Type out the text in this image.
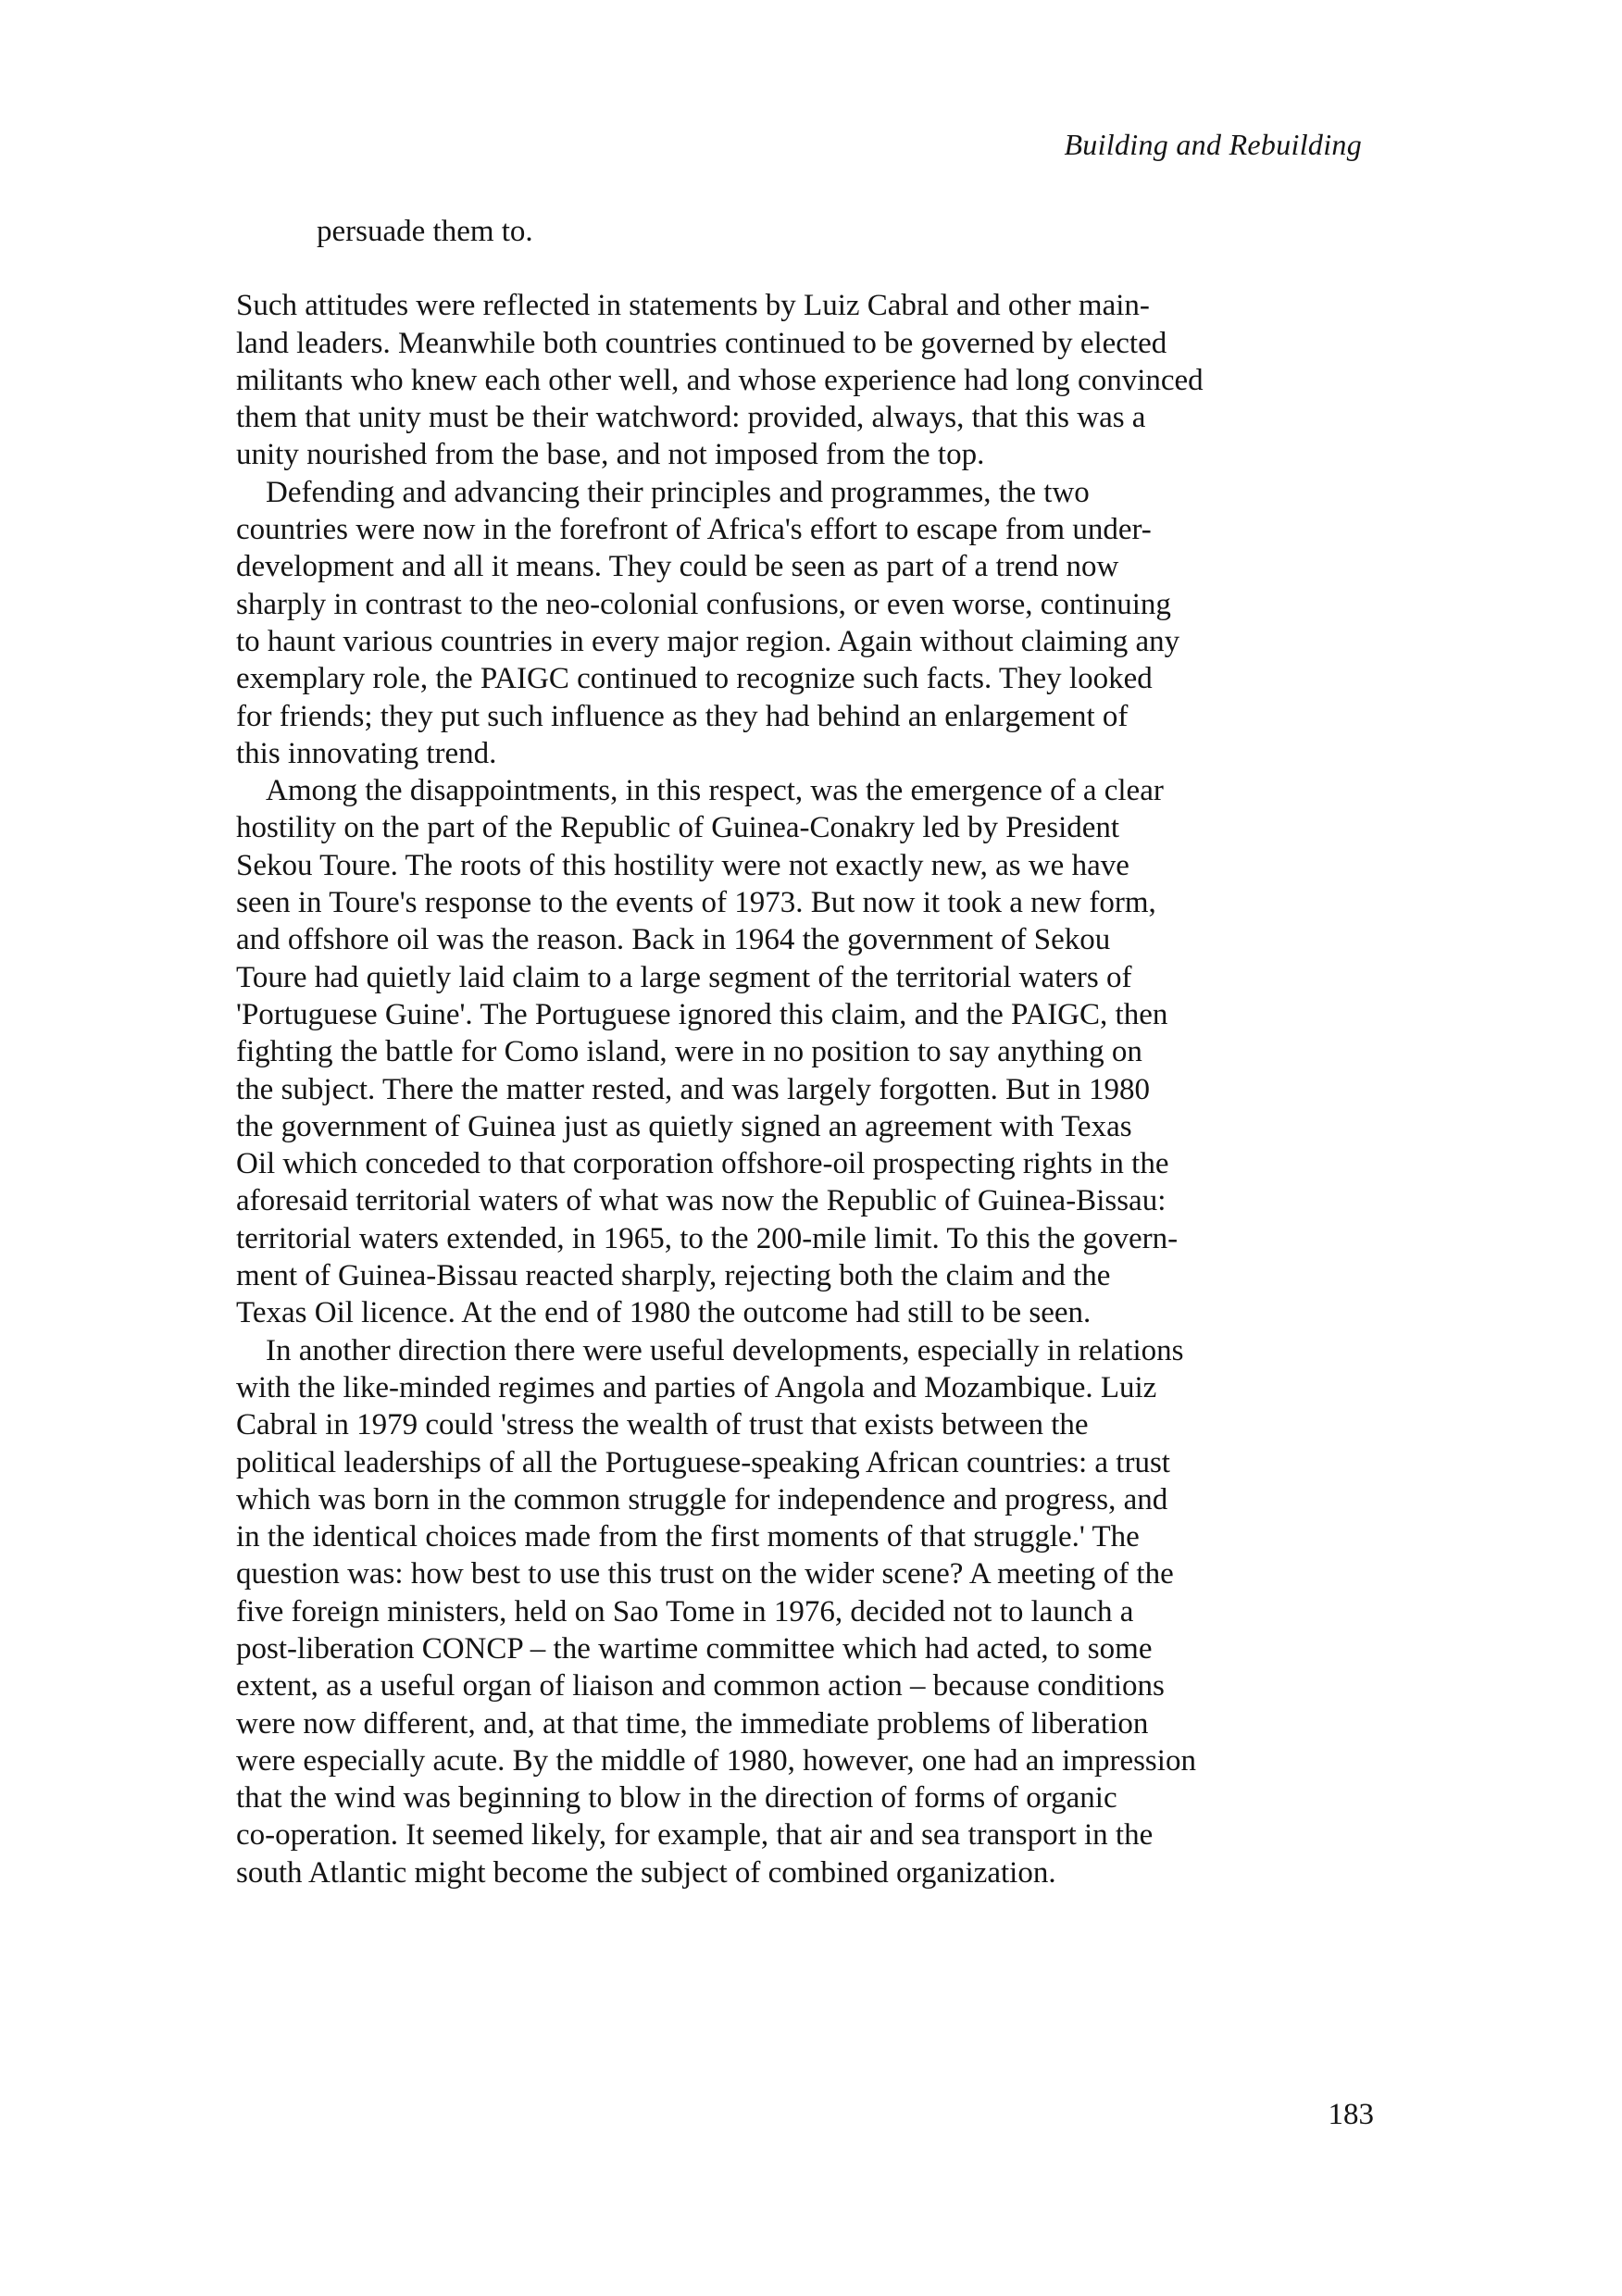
Building and Rebuilding

persuade them to.

Such attitudes were reflected in statements by Luiz Cabral and other main-
land leaders. Meanwhile both countries continued to be governed by elected
militants who knew each other well, and whose experience had long convinced
them that unity must be their watchword: provided, always, that this was a
unity nourished from the base, and not imposed from the top.

Defending and advancing their principles and programmes, the two
countries were now in the forefront of Africa's effort to escape from under-
development and all it means. They could be seen as part of a trend now
sharply in contrast to the neo-colonial confusions, or even worse, continuing
to haunt various countries in every major region. Again without claiming any
exemplary role, the PAIGC continued to recognize such facts. They looked
for friends; they put such influence as they had behind an enlargement of
this innovating trend.

Among the disappointments, in this respect, was the emergence of a clear
hostility on the part of the Republic of Guinea-Conakry led by President
Sekou Toure. The roots of this hostility were not exactly new, as we have
seen in Toure's response to the events of 1973. But now it took a new form,
and offshore oil was the reason. Back in 1964 the government of Sekou
Toure had quietly laid claim to a large segment of the territorial waters of
'Portuguese Guine'. The Portuguese ignored this claim, and the PAIGC, then
fighting the battle for Como island, were in no position to say anything on
the subject. There the matter rested, and was largely forgotten. But in 1980
the government of Guinea just as quietly signed an agreement with Texas
Oil which conceded to that corporation offshore-oil prospecting rights in the
aforesaid territorial waters of what was now the Republic of Guinea-Bissau:
territorial waters extended, in 1965, to the 200-mile limit. To this the govern-
ment of Guinea-Bissau reacted sharply, rejecting both the claim and the
Texas Oil licence. At the end of 1980 the outcome had still to be seen.

In another direction there were useful developments, especially in relations
with the like-minded regimes and parties of Angola and Mozambique. Luiz
Cabral in 1979 could 'stress the wealth of trust that exists between the
political leaderships of all the Portuguese-speaking African countries: a trust
which was born in the common struggle for independence and progress, and
in the identical choices made from the first moments of that struggle.' The
question was: how best to use this trust on the wider scene? A meeting of the
five foreign ministers, held on Sao Tome in 1976, decided not to launch a
post-liberation CONCP – the wartime committee which had acted, to some
extent, as a useful organ of liaison and common action – because conditions
were now different, and, at that time, the immediate problems of liberation
were especially acute. By the middle of 1980, however, one had an impression
that the wind was beginning to blow in the direction of forms of organic
co-operation. It seemed likely, for example, that air and sea transport in the
south Atlantic might become the subject of combined organization.

183
